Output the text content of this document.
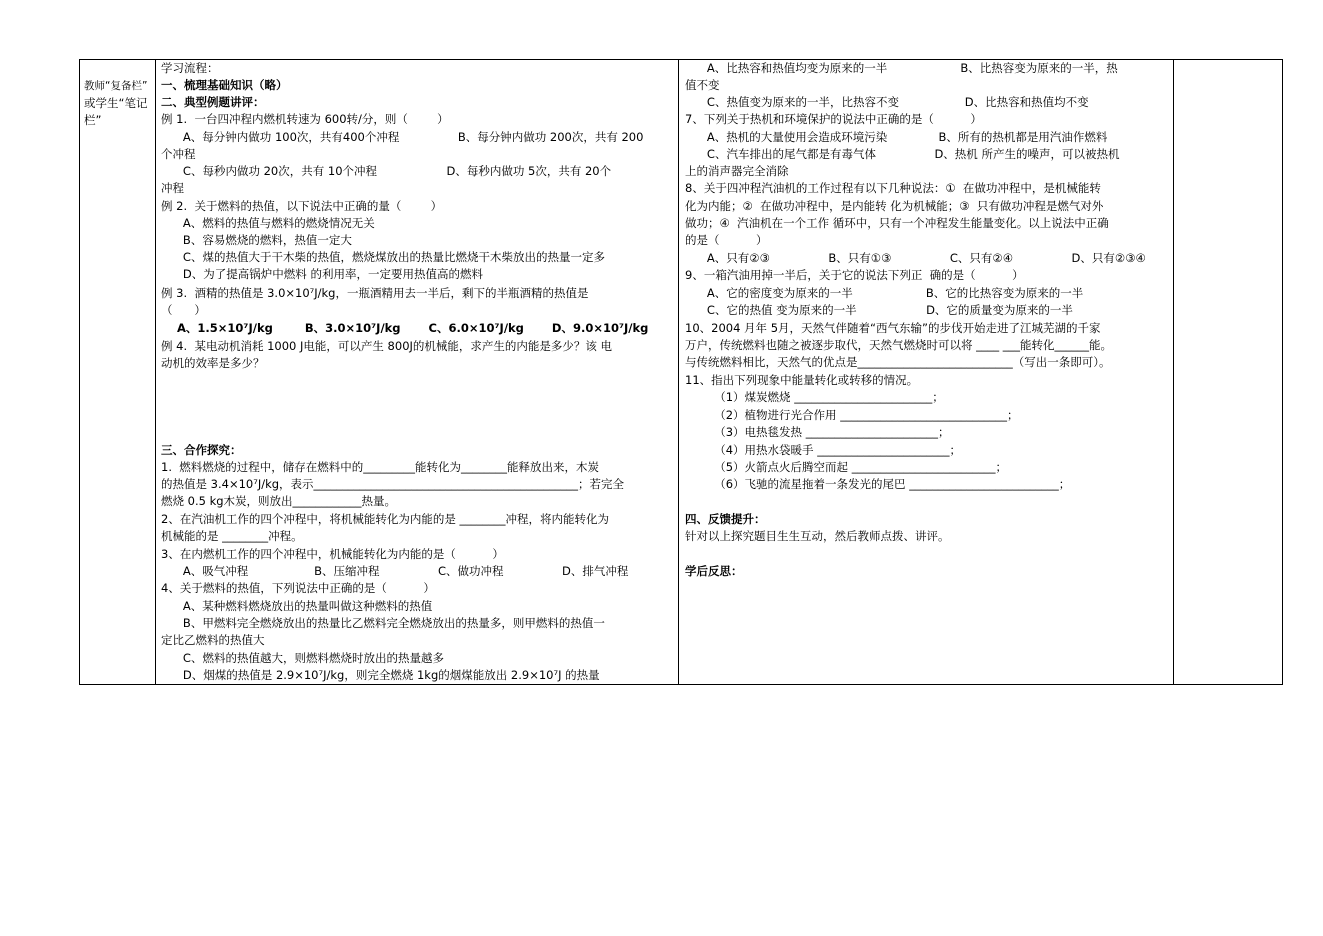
教师“复备栏”
或学生“笔记
栏”
学习流程：
一、梳理基础知识（略）
二、典型例题讲评：
例 1.  一台四冲程内燃机转速为 600转/分，则（        ）
A、每分钟内做功 100次，共有400个冲程                B、每分钟内做功 200次，共有 200
个冲程
C、每秒内做功 20次，共有 10个冲程                   D、每秒内做功 5次，共有 20个
冲程
例 2.  关于燃料的热值，以下说法中正确的量（        ）
A、燃料的热值与燃料的燃烧情况无关
B、容易燃烧的燃料，热值一定大
C、煤的热值大于干木柴的热值，燃烧煤放出的热量比燃烧干木柴放出的热量一定多
D、为了提高锅炉中燃料 的利用率，一定要用热值高的燃料
例 3.  酒精的热值是 3.0×10⁷J/kg，一瓶酒精用去一半后，剩下的半瓶酒精的热值是
（      ）
A、1.5×10⁷J/kg        B、3.0×10⁷J/kg       C、6.0×10⁷J/kg       D、9.0×10⁷J/kg
例 4.  某电动机消耗 1000 J电能，可以产生 800J的机械能，求产生的内能是多少？该 电
动机的效率是多少？
三、合作探究：
1.  燃料燃烧的过程中，储存在燃料中的_________能转化为________能释放出来，木炭
的热值是 3.4×10⁷J/kg，表示______________________________________________；若完全
燃烧 0.5 kg木炭，则放出____________热量。
2、在汽油机工作的四个冲程中，将机械能转化为内能的是 ________冲程，将内能转化为
机械能的是 ________冲程。
3、在内燃机工作的四个冲程中，机械能转化为内能的是（          ）
A、吸气冲程                  B、压缩冲程                C、做功冲程                D、排气冲程
4、关于燃料的热值，下列说法中正确的是（          ）
A、某种燃料燃烧放出的热量叫做这种燃料的热值
B、甲燃料完全燃烧放出的热量比乙燃料完全燃烧放出的热量多，则甲燃料的热值一
定比乙燃料的热值大
C、燃料的热值越大，则燃料燃烧时放出的热量越多
D、烟煤的热值是 2.9×10⁷J/kg，则完全燃烧 1kg的烟煤能放出 2.9×10⁷J 的热量
A、比热容和热值均变为原来的一半                    B、比热容变为原来的一半，热
值不变
C、热值变为原来的一半，比热容不变                  D、比热容和热值均不变
7、下列关于热机和环境保护的说法中正确的是（          ）
A、热机的大量使用会造成环境污染              B、所有的热机都是用汽油作燃料
C、汽车排出的尾气都是有毒气体                D、热机 所产生的噪声，可以被热机
上的消声器完全消除
8、关于四冲程汽油机的工作过程有以下几种说法：①  在做功冲程中，是机械能转
化为内能；②  在做功冲程中，是内能转 化为机械能；③  只有做功冲程是燃气对外
做功；④  汽油机在一个工作 循环中，只有一个冲程发生能量变化。以上说法中正确
的是（          ）
A、只有②③                B、只有①③                C、只有②④                D、只有②③④
9、一箱汽油用掉一半后，关于它的说法下列正  确的是（          ）
A、它的密度变为原来的一半                    B、它的比热容变为原来的一半
C、它的热值 变为原来的一半                   D、它的质量变为原来的一半
10、2004 月年 5月，天然气伴随着“西气东输”的步伐开始走进了江城芜湖的千家
万户，传统燃料也随之被逐步取代，天然气燃烧时可以将 ____ ___能转化______能。
与传统燃料相比，天然气的优点是___________________________（写出一条即可）。
11、指出下列现象中能量转化或转移的情况。
（1）煤炭燃烧 ________________________；
（2）植物进行光合作用 _____________________________；
（3）电热毯发热 _______________________；
（4）用热水袋暖手 _______________________；
（5）火箭点火后腾空而起 _________________________；
（6）飞驰的流星拖着一条发光的尾巴 __________________________；
四、反馈提升：
针对以上探究题目生生互动，然后教师点拨、讲评。
学后反思：
